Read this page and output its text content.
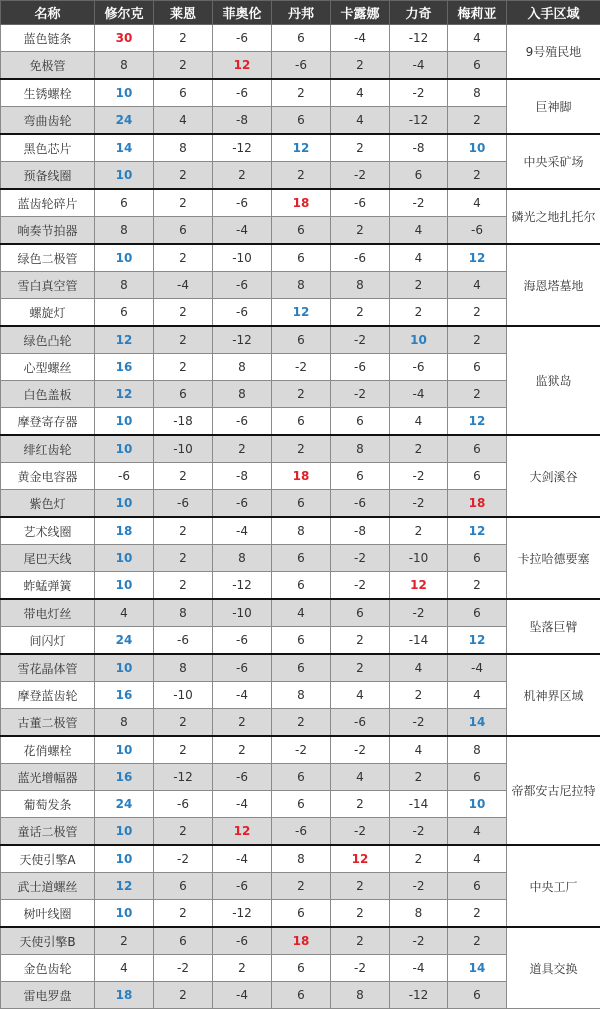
名称	修尔克	莱恩	菲奥伦	丹邦	卡露娜	力奇	梅莉亚	入手区域
蓝色链条	30	2	-6	6	-4	-12	4	9号殖民地
免极管	8	2	12	-6	2	-4	6	
生锈螺栓	10	6	-6	2	4	-2	8	巨神脚
弯曲齿轮	24	4	-8	6	4	-12	2	
黑色芯片	14	8	-12	12	2	-8	10	中央采矿场
预备线圈	10	2	2	2	-2	6	2	
蓝齿轮碎片	6	2	-6	18	-6	-2	4	磷光之地扎托尔
响奏节拍器	8	6	-4	6	2	4	-6	
绿色二极管	10	2	-10	6	-6	4	12	海恩塔墓地
雪白真空管	8	-4	-6	8	8	2	4	
螺旋灯	6	2	-6	12	2	2	2	
绿色凸轮	12	2	-12	6	-2	10	2	监狱岛
心型螺丝	16	2	8	-2	-6	-6	6	
白色盖板	12	6	8	2	-2	-4	2	
摩登寄存器	10	-18	-6	6	6	4	12	
绯红齿轮	10	-10	2	2	8	2	6	大剑溪谷
黄金电容器	-6	2	-8	18	6	-2	6	
紫色灯	10	-6	-6	6	-6	-2	18	
艺术线圈	18	2	-4	8	-8	2	12	卡拉哈德要塞
尾巴天线	10	2	8	6	-2	-10	6	
蚱蜢弹簧	10	2	-12	6	-2	12	2	
带电灯丝	4	8	-10	4	6	-2	6	坠落巨臂
间闪灯	24	-6	-6	6	2	-14	12	
雪花晶体管	10	8	-6	6	2	4	-4	机神界区域
摩登蓝齿轮	16	-10	-4	8	4	2	4	
古董二极管	8	2	2	2	-6	-2	14	
花俏螺栓	10	2	2	-2	-2	4	8	帝都安古尼拉特
蓝光增幅器	16	-12	-6	6	4	2	6	
葡萄发条	24	-6	-4	6	2	-14	10	
童话二极管	10	2	12	-6	-2	-2	4	
天使引擎A	10	-2	-4	8	12	2	4	中央工厂
武士道螺丝	12	6	-6	2	2	-2	6	
树叶线圈	10	2	-12	6	2	8	2	
天使引擎B	2	6	-6	18	2	-2	2	道具交换
金色齿轮	4	-2	2	6	-2	-4	14	
雷电罗盘	18	2	-4	6	8	-12	6	
